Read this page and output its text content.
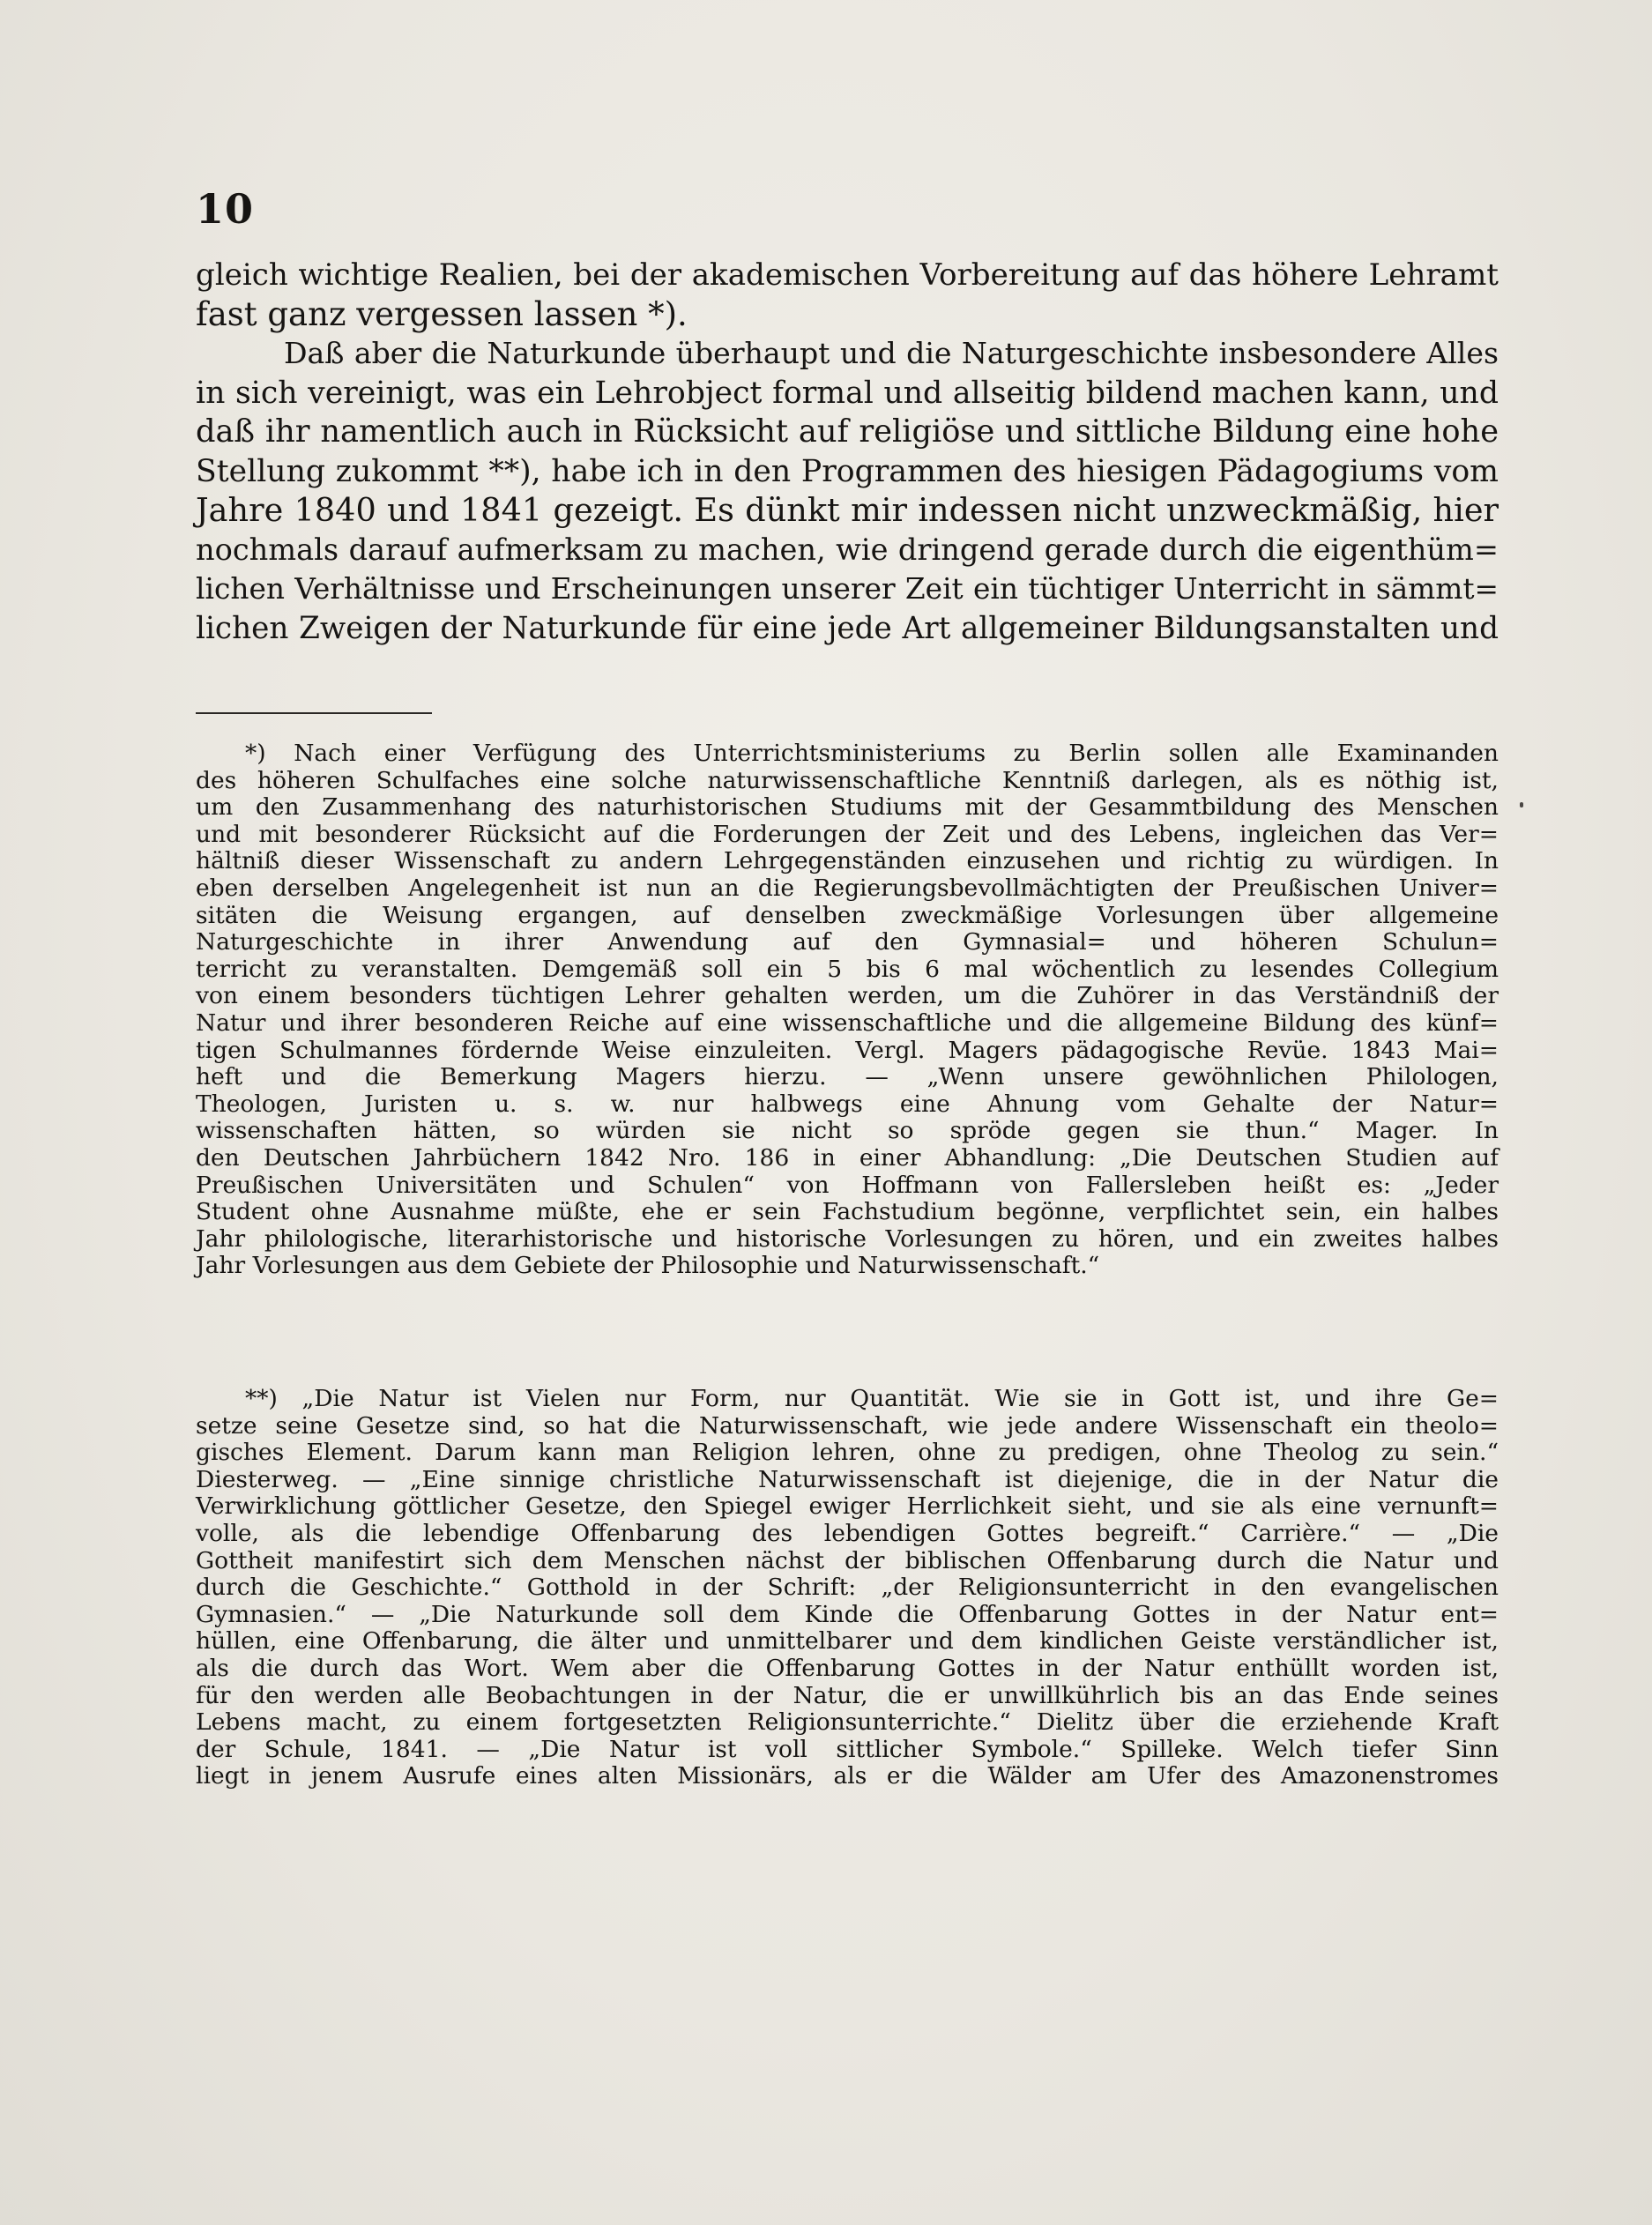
10
gleich wichtige Realien, bei der akademischen Vorbereitung auf das höhere Lehramt
fast ganz vergessen lassen *).
Daß aber die Naturkunde überhaupt und die Naturgeschichte insbesondere Alles
in sich vereinigt, was ein Lehrobject formal und allseitig bildend machen kann, und
daß ihr namentlich auch in Rücksicht auf religiöse und sittliche Bildung eine hohe
Stellung zukommt **), habe ich in den Programmen des hiesigen Pädagogiums vom
Jahre 1840 und 1841 gezeigt. Es dünkt mir indessen nicht unzweckmäßig, hier
nochmals darauf aufmerksam zu machen, wie dringend gerade durch die eigenthüm=
lichen Verhältnisse und Erscheinungen unserer Zeit ein tüchtiger Unterricht in sämmt=
lichen Zweigen der Naturkunde für eine jede Art allgemeiner Bildungsanstalten und
*) Nach einer Verfügung des Unterrichtsministeriums zu Berlin sollen alle Examinanden
des höheren Schulfaches eine solche naturwissenschaftliche Kenntniß darlegen, als es nöthig ist,
um den Zusammenhang des naturhistorischen Studiums mit der Gesammtbildung des Menschen
und mit besonderer Rücksicht auf die Forderungen der Zeit und des Lebens, ingleichen das Ver=
hältniß dieser Wissenschaft zu andern Lehrgegenständen einzusehen und richtig zu würdigen. In
eben derselben Angelegenheit ist nun an die Regierungsbevollmächtigten der Preußischen Univer=
sitäten die Weisung ergangen, auf denselben zweckmäßige Vorlesungen über allgemeine
Naturgeschichte in ihrer Anwendung auf den Gymnasial= und höheren Schulun=
terricht zu veranstalten. Demgemäß soll ein 5 bis 6 mal wöchentlich zu lesendes Collegium
von einem besonders tüchtigen Lehrer gehalten werden, um die Zuhörer in das Verständniß der
Natur und ihrer besonderen Reiche auf eine wissenschaftliche und die allgemeine Bildung des künf=
tigen Schulmannes fördernde Weise einzuleiten. Vergl. Magers pädagogische Revüe. 1843 Mai=
heft und die Bemerkung Magers hierzu. — „Wenn unsere gewöhnlichen Philologen,
Theologen, Juristen u. s. w. nur halbwegs eine Ahnung vom Gehalte der Natur=
wissenschaften hätten, so würden sie nicht so spröde gegen sie thun.“ Mager. In
den Deutschen Jahrbüchern 1842 Nro. 186 in einer Abhandlung: „Die Deutschen Studien auf
Preußischen Universitäten und Schulen“ von Hoffmann von Fallersleben heißt es: „Jeder
Student ohne Ausnahme müßte, ehe er sein Fachstudium begönne, verpflichtet sein, ein halbes
Jahr philologische, literarhistorische und historische Vorlesungen zu hören, und ein zweites halbes
Jahr Vorlesungen aus dem Gebiete der Philosophie und Naturwissenschaft.“
**) „Die Natur ist Vielen nur Form, nur Quantität. Wie sie in Gott ist, und ihre Ge=
setze seine Gesetze sind, so hat die Naturwissenschaft, wie jede andere Wissenschaft ein theolo=
gisches Element. Darum kann man Religion lehren, ohne zu predigen, ohne Theolog zu sein.“
Diesterweg. — „Eine sinnige christliche Naturwissenschaft ist diejenige, die in der Natur die
Verwirklichung göttlicher Gesetze, den Spiegel ewiger Herrlichkeit sieht, und sie als eine vernunft=
volle, als die lebendige Offenbarung des lebendigen Gottes begreift.“ Carrière.“ — „Die
Gottheit manifestirt sich dem Menschen nächst der biblischen Offenbarung durch die Natur und
durch die Geschichte.“ Gotthold in der Schrift: „der Religionsunterricht in den evangelischen
Gymnasien.“ — „Die Naturkunde soll dem Kinde die Offenbarung Gottes in der Natur ent=
hüllen, eine Offenbarung, die älter und unmittelbarer und dem kindlichen Geiste verständlicher ist,
als die durch das Wort. Wem aber die Offenbarung Gottes in der Natur enthüllt worden ist,
für den werden alle Beobachtungen in der Natur, die er unwillkührlich bis an das Ende seines
Lebens macht, zu einem fortgesetzten Religionsunterrichte.“ Dielitz über die erziehende Kraft
der Schule, 1841. — „Die Natur ist voll sittlicher Symbole.“ Spilleke. Welch tiefer Sinn
liegt in jenem Ausrufe eines alten Missionärs, als er die Wälder am Ufer des Amazonenstromes
